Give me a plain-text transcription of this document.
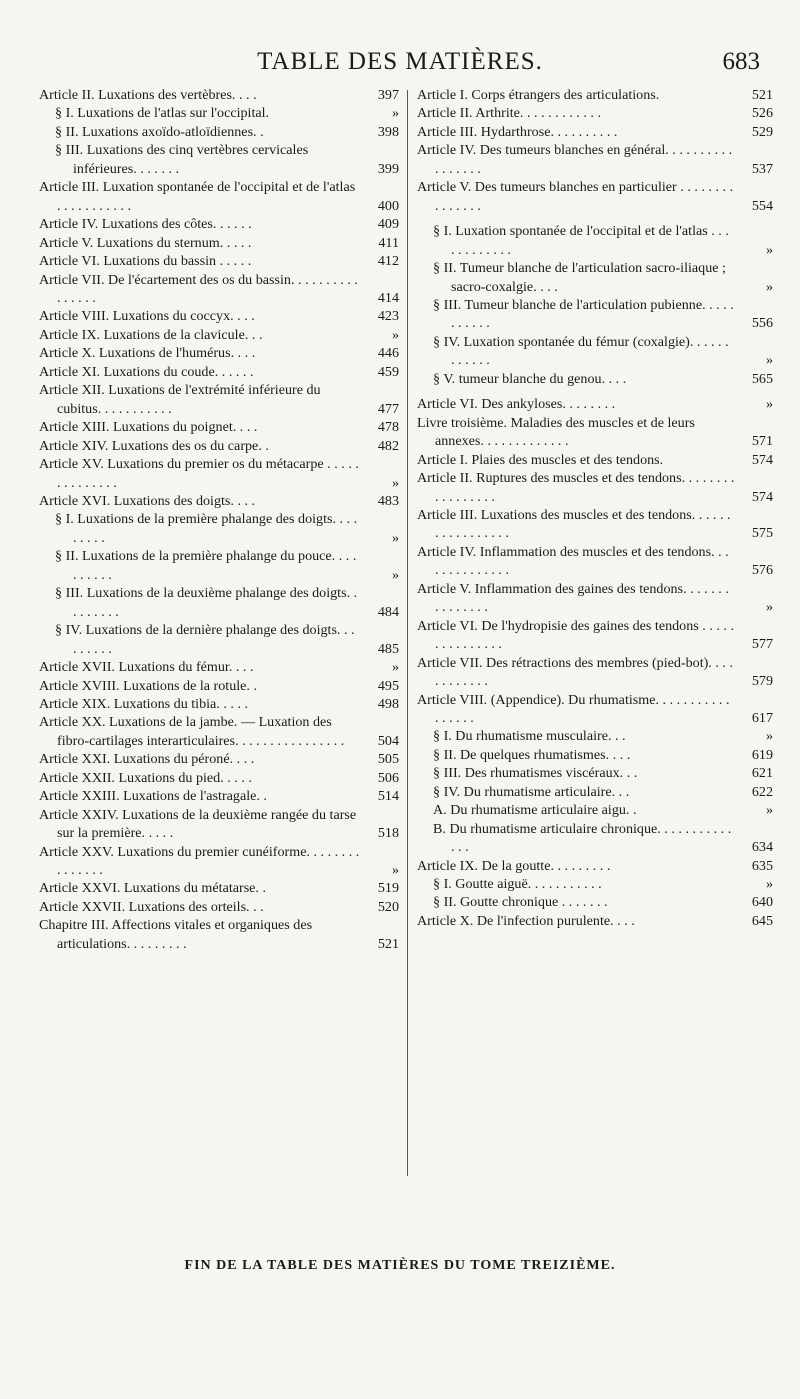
TABLE DES MATIÈRES.	683
Article II. Luxations des vertèbres. . . .	397
§ I. Luxations de l'atlas sur l'occipital.	»
§ II. Luxations axoïdo-atloïdiennes. .	398
§ III. Luxations des cinq vertèbres cervicales inférieures. . . . . . .	399
Article III. Luxation spontanée de l'occipital et de l'atlas . . . . . . . . . . .	400
Article IV. Luxations des côtes. . . . . .	409
Article V. Luxations du sternum. . . . .	411
Article VI. Luxations du bassin . . . . .	412
Article VII. De l'écartement des os du bassin. . . . . . . . . . . . . . . .	414
Article VIII. Luxations du coccyx. . . .	423
Article IX. Luxations de la clavicule. . .	»
Article X. Luxations de l'humérus. . . .	446
Article XI. Luxations du coude. . . . . .	459
Article XII. Luxations de l'extrémité inférieure du cubitus. . . . . . . . . . .	477
Article XIII. Luxations du poignet. . . .	478
Article XIV. Luxations des os du carpe. .	482
Article XV. Luxations du premier os du métacarpe . . . . . . . . . . . . . .	»
Article XVI. Luxations des doigts. . . .	483
§ I. Luxations de la première phalange des doigts. . . . . . . . .	»
§ II. Luxations de la première phalange du pouce. . . . . . . . . .	»
§ III. Luxations de la deuxième phalange des doigts. . . . . . . . .	484
§ IV. Luxations de la dernière phalange des doigts. . . . . . . . .	485
Article XVII. Luxations du fémur. . . .	»
Article XVIII. Luxations de la rotule. .	495
Article XIX. Luxations du tibia. . . . .	498
Article XX. Luxations de la jambe. — Luxation des fibro-cartilages interarticulaires. . . . . . . . . . . . . . . .	504
Article XXI. Luxations du péroné. . . .	505
Article XXII. Luxations du pied. . . . .	506
Article XXIII. Luxations de l'astragale. .	514
Article XXIV. Luxations de la deuxième rangée du tarse sur la première. . . . .	518
Article XXV. Luxations du premier cunéiforme. . . . . . . . . . . . . . .	»
Article XXVI. Luxations du métatarse. .	519
Article XXVII. Luxations des orteils. . .	520
Chapitre III. Affections vitales et organiques des articulations. . . . . . . . .	521
Article I. Corps étrangers des articulations.	521
Article II. Arthrite. . . . . . . . . . . .	526
Article III. Hydarthrose. . . . . . . . . .	529
Article IV. Des tumeurs blanches en général. . . . . . . . . . . . . . . . .	537
Article V. Des tumeurs blanches en particulier . . . . . . . . . . . . . . .	554
§ I. Luxation spontanée de l'occipital et de l'atlas . . . . . . . . . . . .	»
§ II. Tumeur blanche de l'articulation sacro-iliaque ; sacro-coxalgie. . . .	»
§ III. Tumeur blanche de l'articulation pubienne. . . . . . . . . . .	556
§ IV. Luxation spontanée du fémur (coxalgie). . . . . . . . . . . .	»
§ V. tumeur blanche du genou. . . .	565
Article VI. Des ankyloses. . . . . . . .	»
Livre troisième. Maladies des muscles et de leurs annexes. . . . . . . . . . . . .	571
Article I. Plaies des muscles et des tendons.	574
Article II. Ruptures des muscles et des tendons. . . . . . . . . . . . . . . . .	574
Article III. Luxations des muscles et des tendons. . . . . . . . . . . . . . . . .	575
Article IV. Inflammation des muscles et des tendons. . . . . . . . . . . . . .	576
Article V. Inflammation des gaines des tendons. . . . . . . . . . . . . . .	»
Article VI. De l'hydropisie des gaines des tendons . . . . . . . . . . . . . . .	577
Article VII. Des rétractions des membres (pied-bot). . . . . . . . . . . .	579
Article VIII. (Appendice). Du rhumatisme. . . . . . . . . . . . . . . . .	617
§ I. Du rhumatisme musculaire. . .	»
§ II. De quelques rhumatismes. . . .	619
§ III. Des rhumatismes viscéraux. . .	621
§ IV. Du rhumatisme articulaire. . .	622
A. Du rhumatisme articulaire aigu. .	»
B. Du rhumatisme articulaire chronique. . . . . . . . . . . . . .	634
Article IX. De la goutte. . . . . . . . .	635
§ I. Goutte aiguë. . . . . . . . . . .	»
§ II. Goutte chronique . . . . . . .	640
Article X. De l'infection purulente. . . .	645
FIN DE LA TABLE DES MATIÈRES DU TOME TREIZIÈME.
